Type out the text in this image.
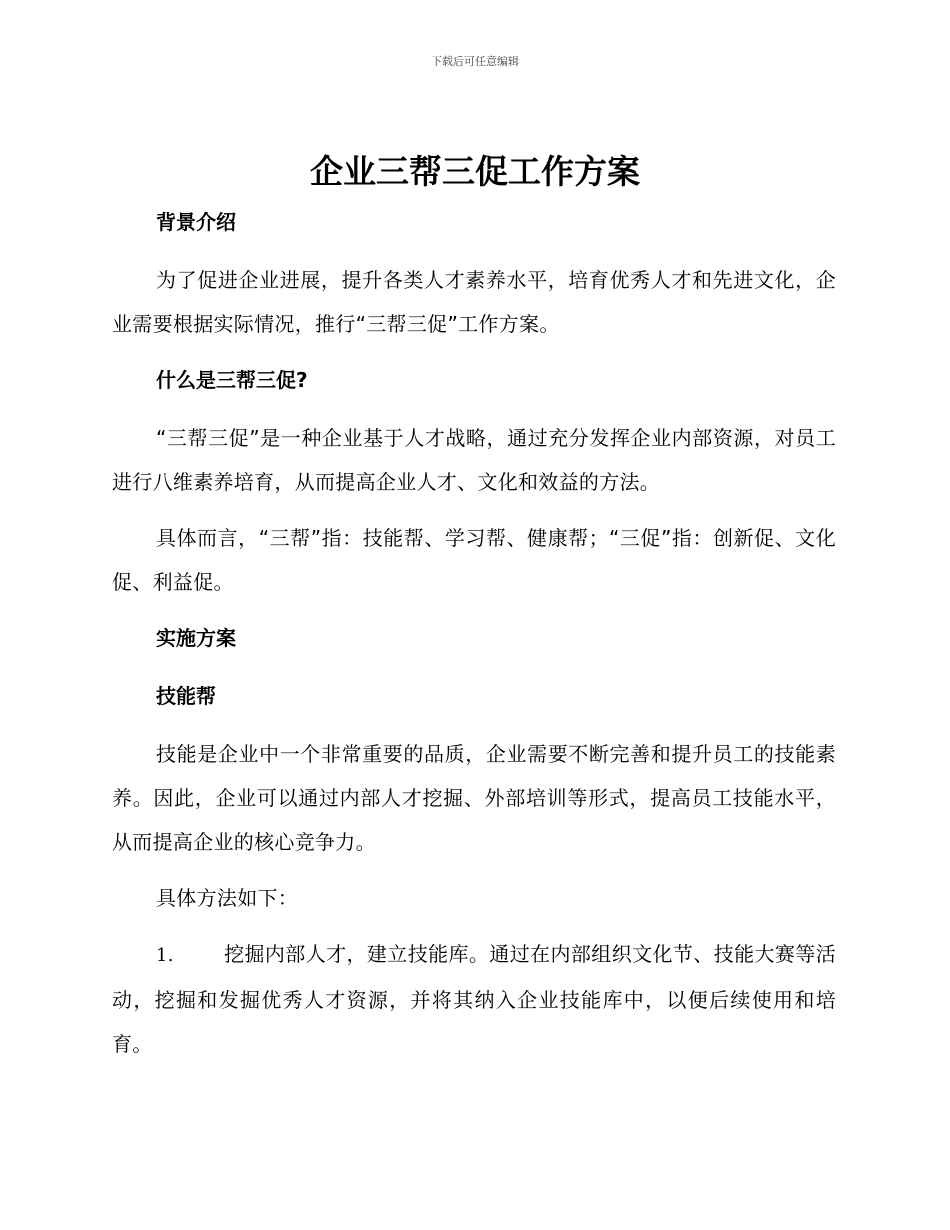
下载后可任意编辑
企业三帮三促工作方案

背景介绍

为了促进企业进展，提升各类人才素养水平，培育优秀人才和先进文化，企业需要根据实际情况，推行“三帮三促”工作方案。

什么是三帮三促?

“三帮三促”是一种企业基于人才战略，通过充分发挥企业内部资源，对员工进行八维素养培育，从而提高企业人才、文化和效益的方法。

具体而言，“三帮”指：技能帮、学习帮、健康帮；“三促”指：创新促、文化促、利益促。

实施方案

技能帮

技能是企业中一个非常重要的品质，企业需要不断完善和提升员工的技能素养。因此，企业可以通过内部人才挖掘、外部培训等形式，提高员工技能水平，从而提高企业的核心竞争力。

具体方法如下：

1.	挖掘内部人才，建立技能库。通过在内部组织文化节、技能大赛等活动，挖掘和发掘优秀人才资源，并将其纳入企业技能库中，以便后续使用和培育。
